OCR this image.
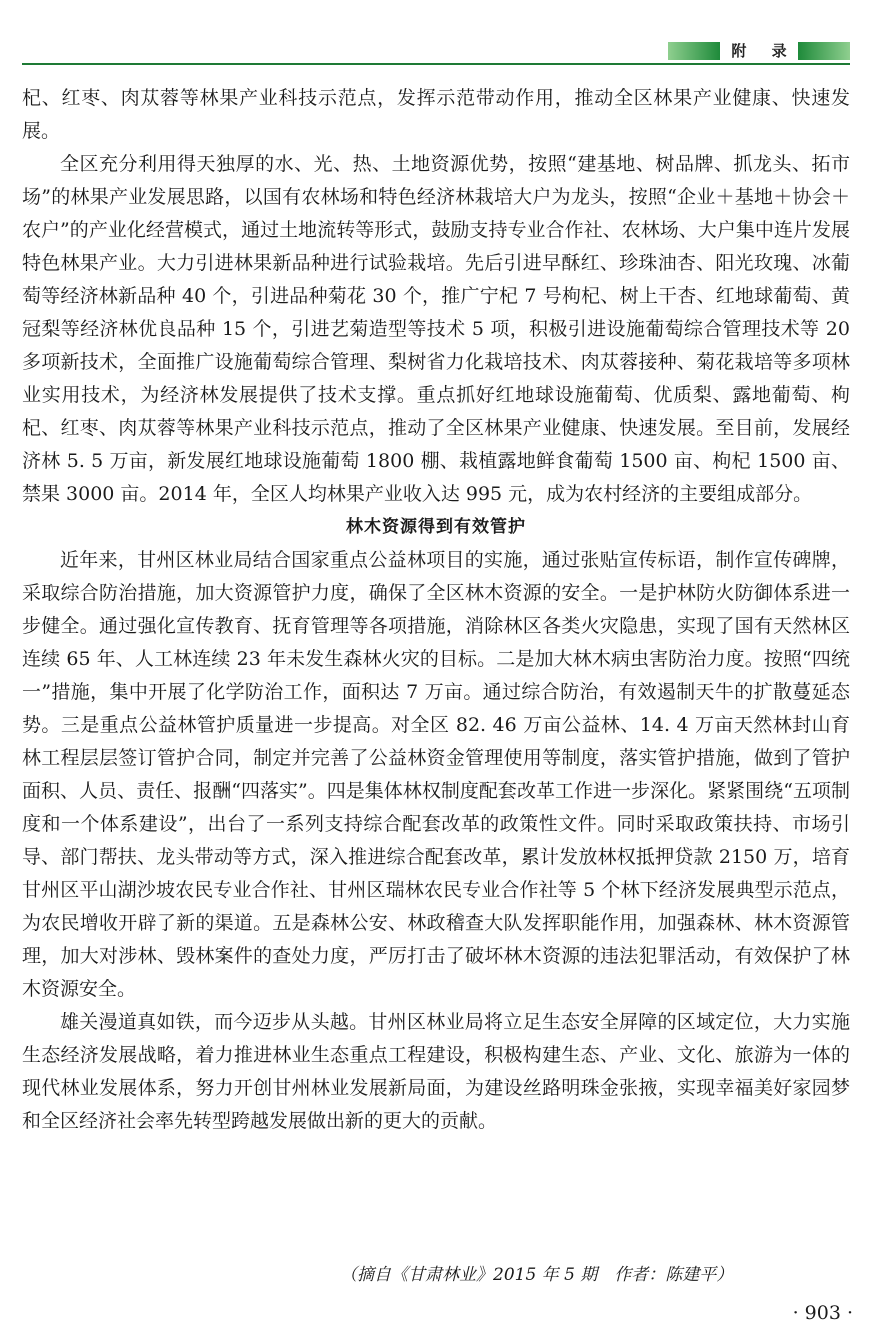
附 录

杞、红枣、肉苁蓉等林果产业科技示范点，发挥示范带动作用，推动全区林果产业健康、快速发展。

全区充分利用得天独厚的水、光、热、土地资源优势，按照“建基地、树品牌、抓龙头、拓市场”的林果产业发展思路，以国有农林场和特色经济林栽培大户为龙头，按照“企业＋基地＋协会＋农户”的产业化经营模式，通过土地流转等形式，鼓励支持专业合作社、农林场、大户集中连片发展特色林果产业。大力引进林果新品种进行试验栽培。先后引进早酥红、珍珠油杏、阳光玫瑰、冰葡萄等经济林新品种 40 个，引进品种菊花 30 个，推广宁杞 7 号枸杞、树上干杏、红地球葡萄、黄冠梨等经济林优良品种 15 个，引进艺菊造型等技术 5 项，积极引进设施葡萄综合管理技术等 20 多项新技术，全面推广设施葡萄综合管理、梨树省力化栽培技术、肉苁蓉接种、菊花栽培等多项林业实用技术，为经济林发展提供了技术支撑。重点抓好红地球设施葡萄、优质梨、露地葡萄、枸杞、红枣、肉苁蓉等林果产业科技示范点，推动了全区林果产业健康、快速发展。至目前，发展经济林 5. 5 万亩，新发展红地球设施葡萄 1800 棚、栽植露地鲜食葡萄 1500 亩、枸杞 1500 亩、禁果 3000 亩。2014 年，全区人均林果产业收入达 995 元，成为农村经济的主要组成部分。

林木资源得到有效管护

近年来，甘州区林业局结合国家重点公益林项目的实施，通过张贴宣传标语，制作宣传碑牌，采取综合防治措施，加大资源管护力度，确保了全区林木资源的安全。一是护林防火防御体系进一步健全。通过强化宣传教育、抚育管理等各项措施，消除林区各类火灾隐患，实现了国有天然林区连续 65 年、人工林连续 23 年未发生森林火灾的目标。二是加大林木病虫害防治力度。按照“四统一”措施，集中开展了化学防治工作，面积达 7 万亩。通过综合防治，有效遏制天牛的扩散蔓延态势。三是重点公益林管护质量进一步提高。对全区 82. 46 万亩公益林、14. 4 万亩天然林封山育林工程层层签订管护合同，制定并完善了公益林资金管理使用等制度，落实管护措施，做到了管护面积、人员、责任、报酬“四落实”。四是集体林权制度配套改革工作进一步深化。紧紧围绕“五项制度和一个体系建设”，出台了一系列支持综合配套改革的政策性文件。同时采取政策扶持、市场引导、部门帮扶、龙头带动等方式，深入推进综合配套改革，累计发放林权抵押贷款 2150 万，培育甘州区平山湖沙坡农民专业合作社、甘州区瑞林农民专业合作社等 5 个林下经济发展典型示范点，为农民增收开辟了新的渠道。五是森林公安、林政稽查大队发挥职能作用，加强森林、林木资源管理，加大对涉林、毁林案件的查处力度，严厉打击了破坏林木资源的违法犯罪活动，有效保护了林木资源安全。

雄关漫道真如铁，而今迈步从头越。甘州区林业局将立足生态安全屏障的区域定位，大力实施生态经济发展战略，着力推进林业生态重点工程建设，积极构建生态、产业、文化、旅游为一体的现代林业发展体系，努力开创甘州林业发展新局面，为建设丝路明珠金张掖，实现幸福美好家园梦和全区经济社会率先转型跨越发展做出新的更大的贡献。

（摘自《甘肃林业》2015 年 5 期　作者：陈建平）
· 903 ·
